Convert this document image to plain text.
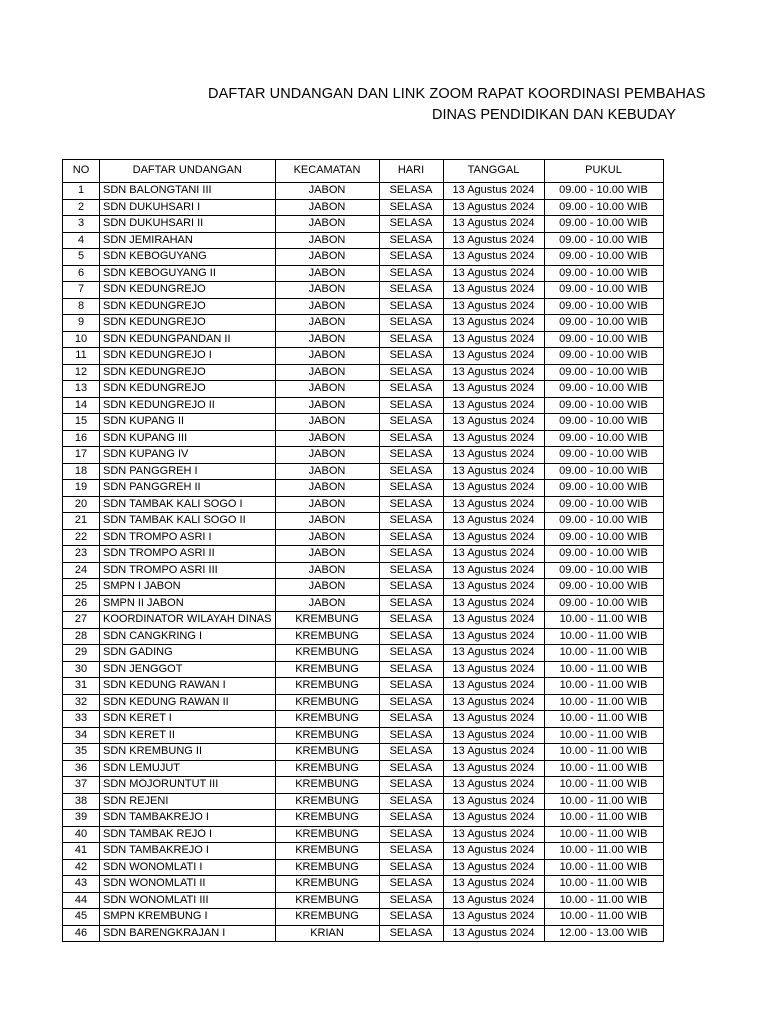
DAFTAR UNDANGAN DAN LINK ZOOM RAPAT KOORDINASI PEMBAHAS
DINAS PENDIDIKAN DAN KEBUDAY
NO	DAFTAR UNDANGAN	KECAMATAN	HARI	TANGGAL	PUKUL
1	SDN BALONGTANI III	JABON	SELASA	13 Agustus 2024	09.00 - 10.00 WIB
2	SDN DUKUHSARI I	JABON	SELASA	13 Agustus 2024	09.00 - 10.00 WIB
3	SDN DUKUHSARI II	JABON	SELASA	13 Agustus 2024	09.00 - 10.00 WIB
4	SDN JEMIRAHAN	JABON	SELASA	13 Agustus 2024	09.00 - 10.00 WIB
5	SDN KEBOGUYANG	JABON	SELASA	13 Agustus 2024	09.00 - 10.00 WIB
6	SDN KEBOGUYANG II	JABON	SELASA	13 Agustus 2024	09.00 - 10.00 WIB
7	SDN KEDUNGREJO	JABON	SELASA	13 Agustus 2024	09.00 - 10.00 WIB
8	SDN KEDUNGREJO	JABON	SELASA	13 Agustus 2024	09.00 - 10.00 WIB
9	SDN KEDUNGREJO	JABON	SELASA	13 Agustus 2024	09.00 - 10.00 WIB
10	SDN KEDUNGPANDAN II	JABON	SELASA	13 Agustus 2024	09.00 - 10.00 WIB
11	SDN KEDUNGREJO I	JABON	SELASA	13 Agustus 2024	09.00 - 10.00 WIB
12	SDN KEDUNGREJO	JABON	SELASA	13 Agustus 2024	09.00 - 10.00 WIB
13	SDN KEDUNGREJO	JABON	SELASA	13 Agustus 2024	09.00 - 10.00 WIB
14	SDN KEDUNGREJO II	JABON	SELASA	13 Agustus 2024	09.00 - 10.00 WIB
15	SDN KUPANG II	JABON	SELASA	13 Agustus 2024	09.00 - 10.00 WIB
16	SDN KUPANG III	JABON	SELASA	13 Agustus 2024	09.00 - 10.00 WIB
17	SDN KUPANG IV	JABON	SELASA	13 Agustus 2024	09.00 - 10.00 WIB
18	SDN PANGGREH I	JABON	SELASA	13 Agustus 2024	09.00 - 10.00 WIB
19	SDN PANGGREH II	JABON	SELASA	13 Agustus 2024	09.00 - 10.00 WIB
20	SDN TAMBAK KALI SOGO I	JABON	SELASA	13 Agustus 2024	09.00 - 10.00 WIB
21	SDN TAMBAK KALI SOGO II	JABON	SELASA	13 Agustus 2024	09.00 - 10.00 WIB
22	SDN TROMPO ASRI I	JABON	SELASA	13 Agustus 2024	09.00 - 10.00 WIB
23	SDN TROMPO ASRI II	JABON	SELASA	13 Agustus 2024	09.00 - 10.00 WIB
24	SDN TROMPO ASRI III	JABON	SELASA	13 Agustus 2024	09.00 - 10.00 WIB
25	SMPN I JABON	JABON	SELASA	13 Agustus 2024	09.00 - 10.00 WIB
26	SMPN II JABON	JABON	SELASA	13 Agustus 2024	09.00 - 10.00 WIB
27	KOORDINATOR WILAYAH DINAS	KREMBUNG	SELASA	13 Agustus 2024	10.00 - 11.00 WIB
28	SDN CANGKRING I	KREMBUNG	SELASA	13 Agustus 2024	10.00 - 11.00 WIB
29	SDN GADING	KREMBUNG	SELASA	13 Agustus 2024	10.00 - 11.00 WIB
30	SDN JENGGOT	KREMBUNG	SELASA	13 Agustus 2024	10.00 - 11.00 WIB
31	SDN KEDUNG RAWAN I	KREMBUNG	SELASA	13 Agustus 2024	10.00 - 11.00 WIB
32	SDN KEDUNG RAWAN II	KREMBUNG	SELASA	13 Agustus 2024	10.00 - 11.00 WIB
33	SDN KERET I	KREMBUNG	SELASA	13 Agustus 2024	10.00 - 11.00 WIB
34	SDN KERET II	KREMBUNG	SELASA	13 Agustus 2024	10.00 - 11.00 WIB
35	SDN KREMBUNG II	KREMBUNG	SELASA	13 Agustus 2024	10.00 - 11.00 WIB
36	SDN LEMUJUT	KREMBUNG	SELASA	13 Agustus 2024	10.00 - 11.00 WIB
37	SDN MOJORUNTUT III	KREMBUNG	SELASA	13 Agustus 2024	10.00 - 11.00 WIB
38	SDN REJENI	KREMBUNG	SELASA	13 Agustus 2024	10.00 - 11.00 WIB
39	SDN TAMBAKREJO I	KREMBUNG	SELASA	13 Agustus 2024	10.00 - 11.00 WIB
40	SDN TAMBAK REJO I	KREMBUNG	SELASA	13 Agustus 2024	10.00 - 11.00 WIB
41	SDN TAMBAKREJO I	KREMBUNG	SELASA	13 Agustus 2024	10.00 - 11.00 WIB
42	SDN WONOMLATI I	KREMBUNG	SELASA	13 Agustus 2024	10.00 - 11.00 WIB
43	SDN WONOMLATI II	KREMBUNG	SELASA	13 Agustus 2024	10.00 - 11.00 WIB
44	SDN WONOMLATI III	KREMBUNG	SELASA	13 Agustus 2024	10.00 - 11.00 WIB
45	SMPN KREMBUNG I	KREMBUNG	SELASA	13 Agustus 2024	10.00 - 11.00 WIB
46	SDN BARENGKRAJAN I	KRIAN	SELASA	13 Agustus 2024	12.00 - 13.00 WIB
